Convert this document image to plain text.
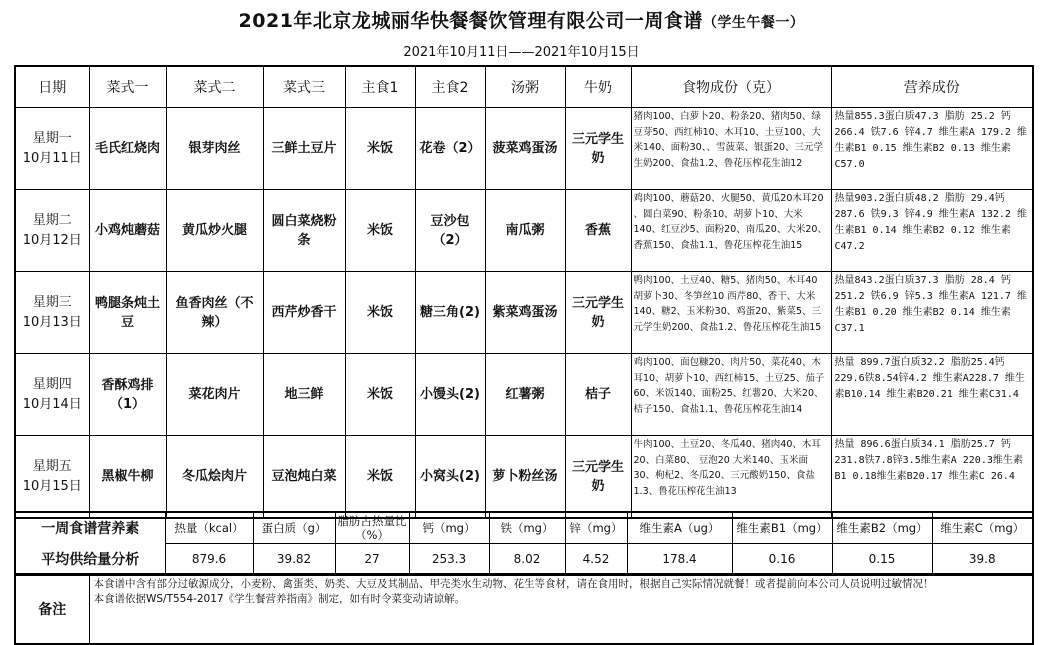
2021年北京龙城丽华快餐餐饮管理有限公司一周食谱（学生午餐一）
2021年10月11日——2021年10月15日
日期	菜式一	菜式二	菜式三	主食1	主食2	汤粥	牛奶	食物成份（克）	营养成份

星期一
10月11日	毛氏红烧肉	银芽肉丝	三鲜土豆片	米饭	花卷（2）	菠菜鸡蛋汤	三元学生奶	猪肉100、白萝卜20、粉条20、猪肉50、绿豆芽50、西红柿10、木耳10、土豆100、大米140、面粉30、、雪菠菜、银蛋20、三元学生奶200、食盐1.2、鲁花压榨花生油12	热量855.3蛋白质47.3 脂肪 25.2 钙266.4 铁7.6 锌4.7 维生素A 179.2 维生素B1 0.15 维生素B2 0.13 维生素C57.0

星期二
10月12日	小鸡炖蘑菇	黄瓜炒火腿	圆白菜烧粉条	米饭	豆沙包（2）	南瓜粥	香蕉	鸡肉100、蘑菇20、火腿50、黄瓜20木耳20 、圆白菜90、粉条10、胡萝卜10、大米140、红豆沙5、面粉20、南瓜20、大米20、香蕉150、食盐1.1、鲁花压榨花生油15	热量903.2蛋白质48.2 脂肪 29.4钙 287.6 铁9.3 锌4.9 维生素A 132.2 维生素B1 0.14 维生素B2 0.12 维生素C47.2

星期三
10月13日	鸭腿条炖土豆	鱼香肉丝（不辣）	西芹炒香干	米饭	糖三角(2)	紫菜鸡蛋汤	三元学生奶	鸭肉100、土豆40、糖5、猪肉50、木耳40 胡萝卜30、冬笋丝10 西芹80、香干、大米140、糖2、玉米粉30、鸡蛋20、紫菜5、三元学生奶200、食盐1.2、鲁花压榨花生油15	热量843.2蛋白质37.3 脂肪 28.4 钙 251.2 铁6.9 锌5.3 维生素A 121.7 维生素B1 0.20 维生素B2 0.14 维生素C37.1

星期四
10月14日	香酥鸡排（1）	菜花肉片	地三鲜	米饭	小馒头(2)	红薯粥	桔子	鸡肉100、面包糠20、肉片50、菜花40、木耳10、胡萝卜10、西红柿15、土豆25、茄子60、米饭140、面粉25、红薯20、大米20、桔子150、食盐1.1、鲁花压榨花生油14	热量 899.7蛋白质32.2 脂肪25.4钙229.6铁8.54锌4.2 维生素A228.7 维生素B10.14 维生素B20.21 维生素C31.4

星期五
10月15日	黑椒牛柳	冬瓜烩肉片	豆泡炖白菜	米饭	小窝头(2)	萝卜粉丝汤	三元学生奶	牛肉100、土豆20、冬瓜40、猪肉40、木耳20、白菜80、 豆泡20 大米140、玉米面30、枸杞2、冬瓜20、三元酸奶150、食盐1.3、鲁花压榨花生油13	热量 896.6蛋白质34.1 脂肪25.7 钙231.8铁7.8锌3.5维生素A 220.3维生素B1 0.18维生素B20.17 维生素C 26.4
一周食谱营养素	热量（kcal）	蛋白质（g）	脂肪占热量比（%）	钙（mg）	铁（mg）	锌（mg）	维生素A（ug）	维生素B1（mg）	维生素B2（mg）	维生素C（mg）
平均供给量分析	879.6	39.82	27	253.3	8.02	4.52	178.4	0.16	0.15	39.8
备注	

本食谱中含有部分过敏源成分，小麦粉、禽蛋类、奶类、大豆及其制品、甲壳类水生动物、花生等食材，请在食用时，根据自己实际情况就餐！或者提前向本公司人员说明过敏情况！

本食谱依据WS/T554-2017《学生餐营养指南》制定，如有时令菜变动请谅解。
